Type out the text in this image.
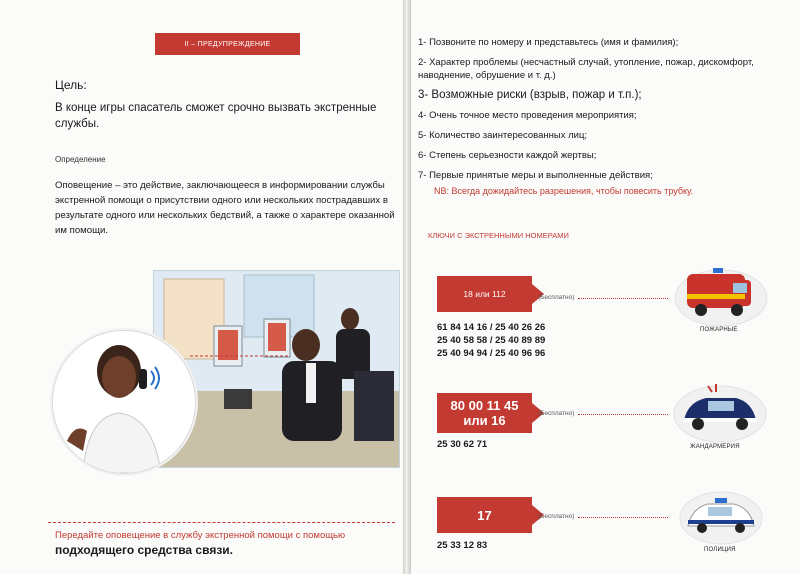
II – ПРЕДУПРЕЖДЕНИЕ
Цель:
В конце игры спасатель сможет срочно вызвать экстренные службы.
Определение
Оповещение – это действие, заключающееся в информировании службы экстренной помощи о присутствии одного или нескольких пострадавших в результате одного или нескольких бедствий, а также о характере оказанной им помощи.
Передайте оповещение в службу экстренной помощи с помощью
подходящего средства связи.
1- Позвоните по номеру и представьтесь (имя и фамилия);
2- Характер проблемы (несчастный случай, утопление, пожар, дискомфорт, наводнение, обрушение и т. д.)
3- Возможные риски (взрыв, пожар и т.п.);
4- Очень точное место проведения мероприятия;
5- Количество заинтересованных лиц;
6- Степень серьезности каждой жертвы;
7- Первые принятые меры и выполненные действия;
NB: Всегда дожидайтесь разрешения, чтобы повесить трубку.
КЛЮЧИ С ЭКСТРЕННЫМИ НОМЕРАМИ
18 или 112	(Бесплатно)
61 84 14 16 / 25 40 26 26
25 40 58 58 / 25 40 89 89
25 40 94 94 / 25 40 96 96
ПОЖАРНЫЕ
80 00 11 45
или 16	(Бесплатно)
25 30 62 71	ЖАНДАРМЕРИЯ
17	(Бесплатно)
25 33 12 83	ПОЛИЦИЯ
